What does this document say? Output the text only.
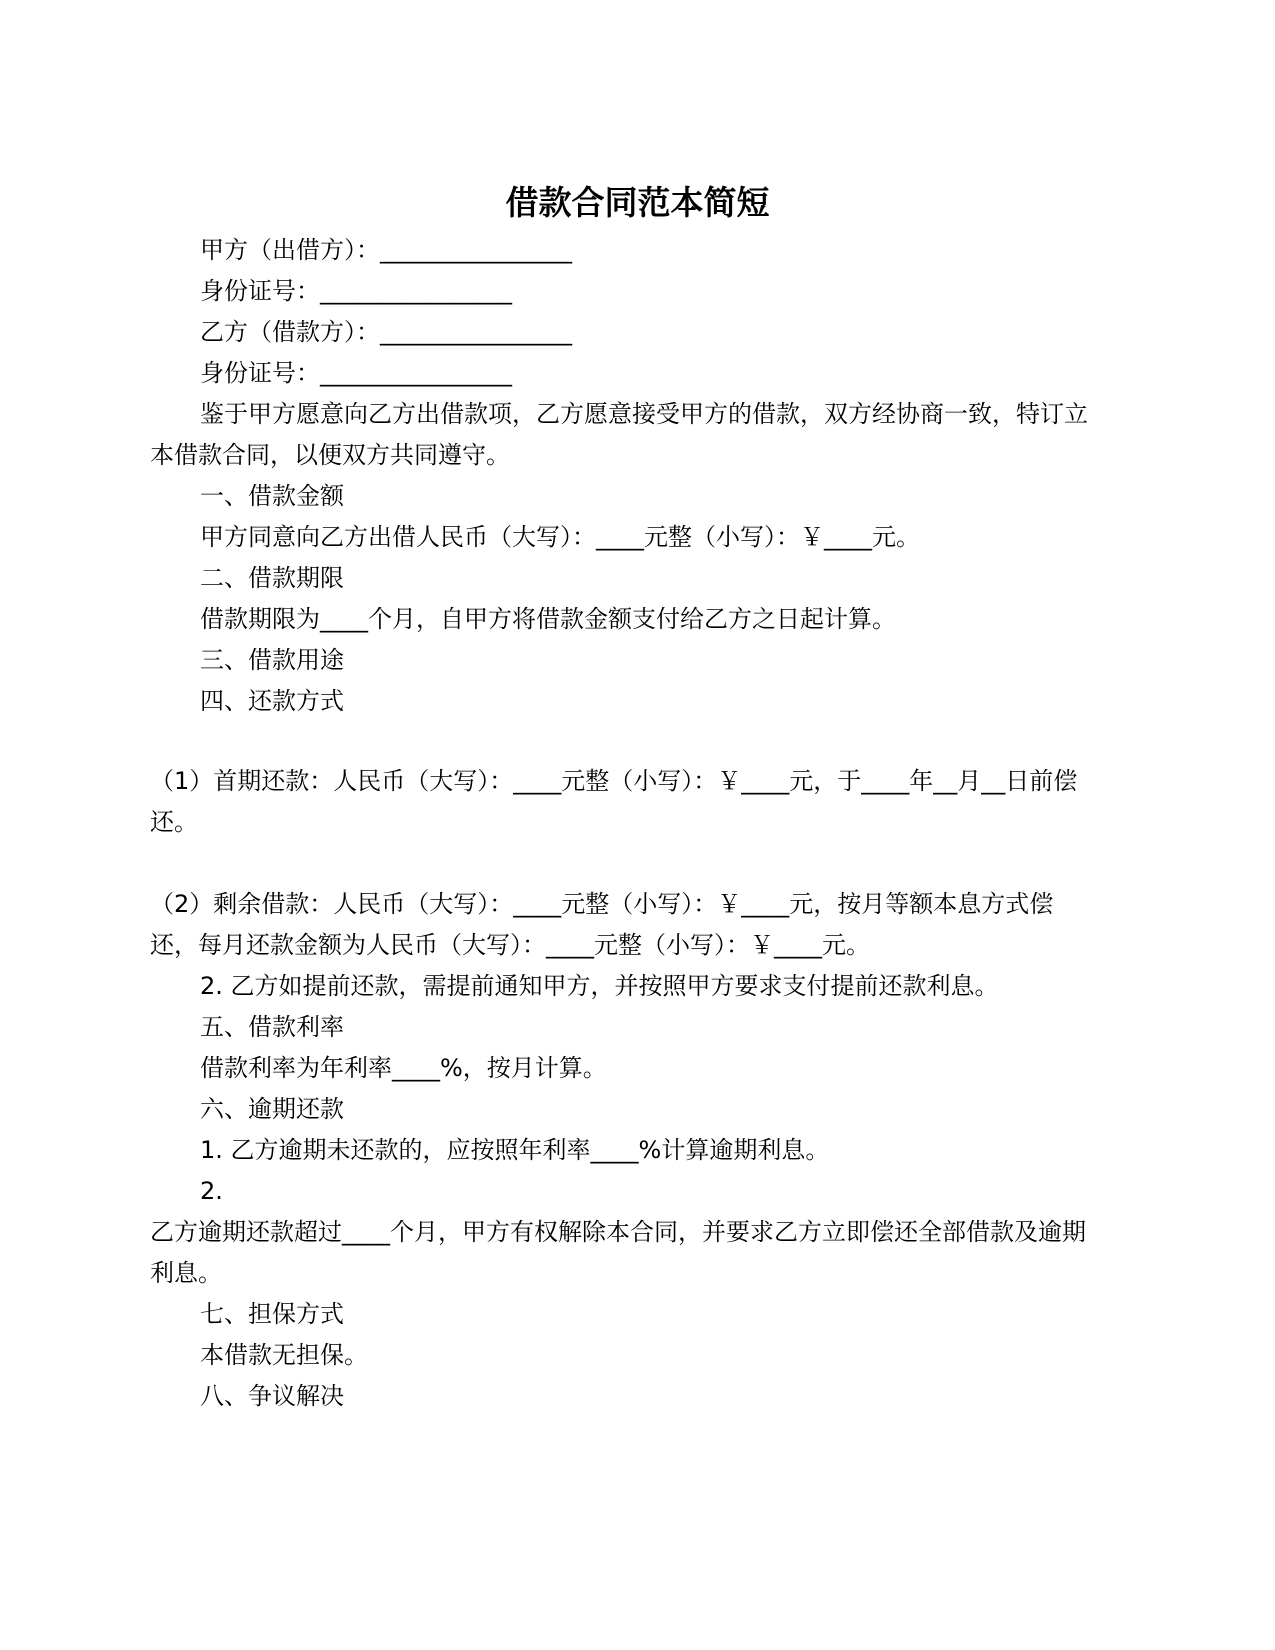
借款合同范本简短

甲方（出借方）：________________

身份证号：________________

乙方（借款方）：________________

身份证号：________________

鉴于甲方愿意向乙方出借款项，乙方愿意接受甲方的借款，双方经协商一致，特订立

本借款合同，以便双方共同遵守。

一、借款金额

甲方同意向乙方出借人民币（大写）：____元整（小写）：￥____元。

二、借款期限

借款期限为____个月，自甲方将借款金额支付给乙方之日起计算。

三、借款用途

四、还款方式

（1）首期还款：人民币（大写）：____元整（小写）：￥____元，于____年__月__日前偿

还。

（2）剩余借款：人民币（大写）：____元整（小写）：￥____元，按月等额本息方式偿

还，每月还款金额为人民币（大写）：____元整（小写）：￥____元。

2. 乙方如提前还款，需提前通知甲方，并按照甲方要求支付提前还款利息。

五、借款利率

借款利率为年利率____%，按月计算。

六、逾期还款

1. 乙方逾期未还款的，应按照年利率____%计算逾期利息。

2.

乙方逾期还款超过____个月，甲方有权解除本合同，并要求乙方立即偿还全部借款及逾期

利息。

七、担保方式

本借款无担保。

八、争议解决
